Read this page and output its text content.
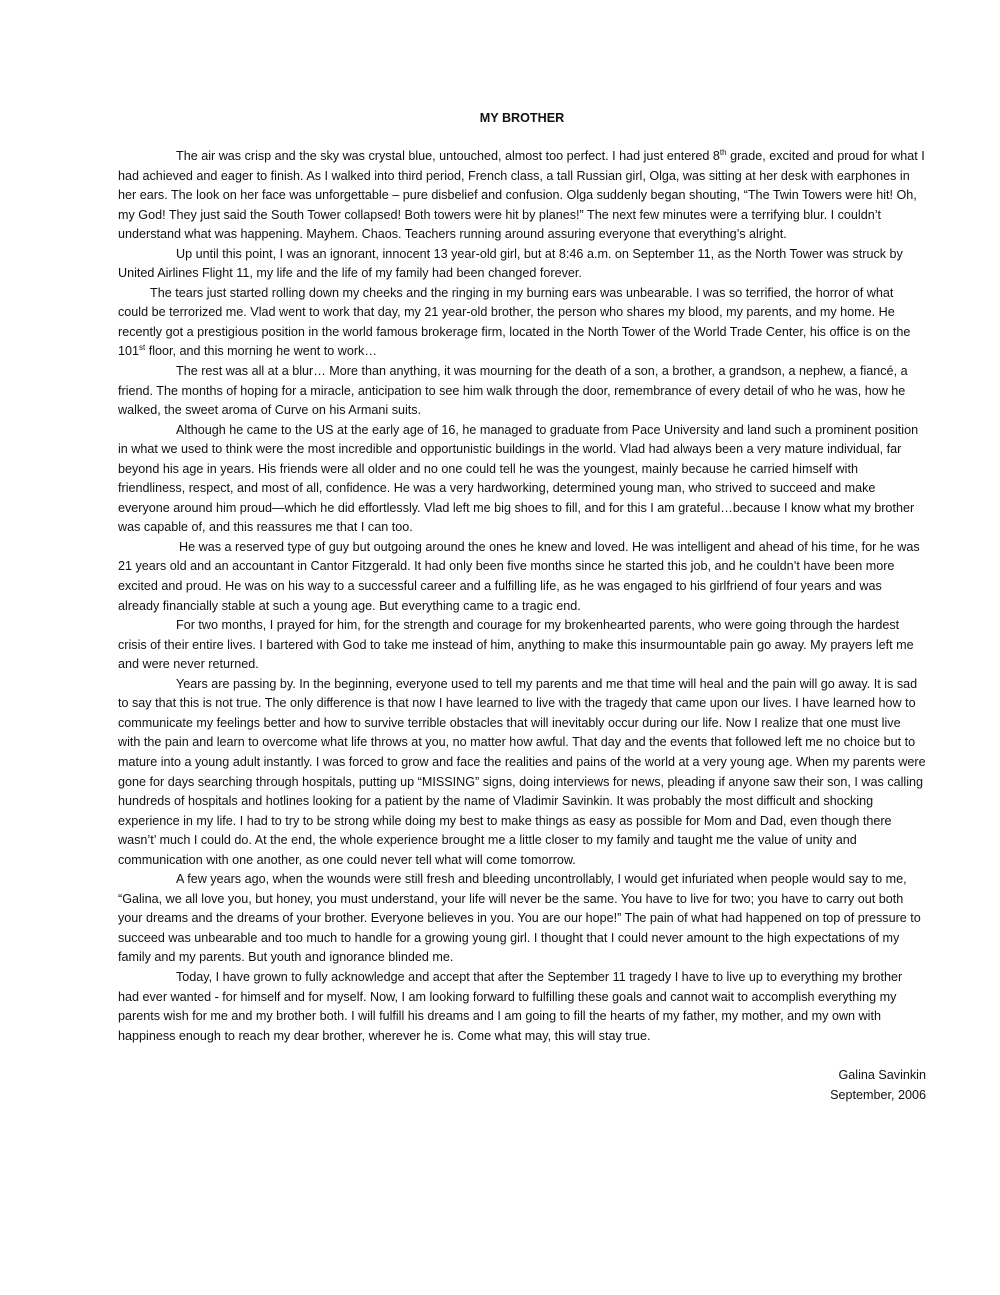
MY BROTHER

The air was crisp and the sky was crystal blue, untouched, almost too perfect. I had just entered 8th grade, excited and proud for what I had achieved and eager to finish. As I walked into third period, French class, a tall Russian girl, Olga, was sitting at her desk with earphones in her ears. The look on her face was unforgettable – pure disbelief and confusion. Olga suddenly began shouting, “The Twin Towers were hit! Oh, my God! They just said the South Tower collapsed! Both towers were hit by planes!” The next few minutes were a terrifying blur. I couldn’t understand what was happening. Mayhem. Chaos. Teachers running around assuring everyone that everything’s alright.

Up until this point, I was an ignorant, innocent 13 year-old girl, but at 8:46 a.m. on September 11, as the North Tower was struck by United Airlines Flight 11, my life and the life of my family had been changed forever.

The tears just started rolling down my cheeks and the ringing in my burning ears was unbearable. I was so terrified, the horror of what could be terrorized me. Vlad went to work that day, my 21 year-old brother, the person who shares my blood, my parents, and my home. He recently got a prestigious position in the world famous brokerage firm, located in the North Tower of the World Trade Center, his office is on the 101st floor, and this morning he went to work…

The rest was all at a blur… More than anything, it was mourning for the death of a son, a brother, a grandson, a nephew, a fiancé, a friend. The months of hoping for a miracle, anticipation to see him walk through the door, remembrance of every detail of who he was, how he walked, the sweet aroma of Curve on his Armani suits.

Although he came to the US at the early age of 16, he managed to graduate from Pace University and land such a prominent position in what we used to think were the most incredible and opportunistic buildings in the world. Vlad had always been a very mature individual, far beyond his age in years. His friends were all older and no one could tell he was the youngest, mainly because he carried himself with friendliness, respect, and most of all, confidence. He was a very hardworking, determined young man, who strived to succeed and make everyone around him proud—which he did effortlessly. Vlad left me big shoes to fill, and for this I am grateful…because I know what my brother was capable of, and this reassures me that I can too.

He was a reserved type of guy but outgoing around the ones he knew and loved. He was intelligent and ahead of his time, for he was 21 years old and an accountant in Cantor Fitzgerald. It had only been five months since he started this job, and he couldn’t have been more excited and proud. He was on his way to a successful career and a fulfilling life, as he was engaged to his girlfriend of four years and was already financially stable at such a young age. But everything came to a tragic end.

For two months, I prayed for him, for the strength and courage for my brokenhearted parents, who were going through the hardest crisis of their entire lives. I bartered with God to take me instead of him, anything to make this insurmountable pain go away. My prayers left me and were never returned.

Years are passing by. In the beginning, everyone used to tell my parents and me that time will heal and the pain will go away. It is sad to say that this is not true. The only difference is that now I have learned to live with the tragedy that came upon our lives. I have learned how to communicate my feelings better and how to survive terrible obstacles that will inevitably occur during our life. Now I realize that one must live with the pain and learn to overcome what life throws at you, no matter how awful. That day and the events that followed left me no choice but to mature into a young adult instantly. I was forced to grow and face the realities and pains of the world at a very young age. When my parents were gone for days searching through hospitals, putting up “MISSING” signs, doing interviews for news, pleading if anyone saw their son, I was calling hundreds of hospitals and hotlines looking for a patient by the name of Vladimir Savinkin. It was probably the most difficult and shocking experience in my life. I had to try to be strong while doing my best to make things as easy as possible for Mom and Dad, even though there wasn’t’ much I could do. At the end, the whole experience brought me a little closer to my family and taught me the value of unity and communication with one another, as one could never tell what will come tomorrow.

A few years ago, when the wounds were still fresh and bleeding uncontrollably, I would get infuriated when people would say to me, “Galina, we all love you, but honey, you must understand, your life will never be the same. You have to live for two; you have to carry out both your dreams and the dreams of your brother. Everyone believes in you. You are our hope!” The pain of what had happened on top of pressure to succeed was unbearable and too much to handle for a growing young girl. I thought that I could never amount to the high expectations of my family and my parents. But youth and ignorance blinded me.

Today, I have grown to fully acknowledge and accept that after the September 11 tragedy I have to live up to everything my brother had ever wanted - for himself and for myself. Now, I am looking forward to fulfilling these goals and cannot wait to accomplish everything my parents wish for me and my brother both. I will fulfill his dreams and I am going to fill the hearts of my father, my mother, and my own with happiness enough to reach my dear brother, wherever he is. Come what may, this will stay true.

Galina Savinkin
September, 2006
